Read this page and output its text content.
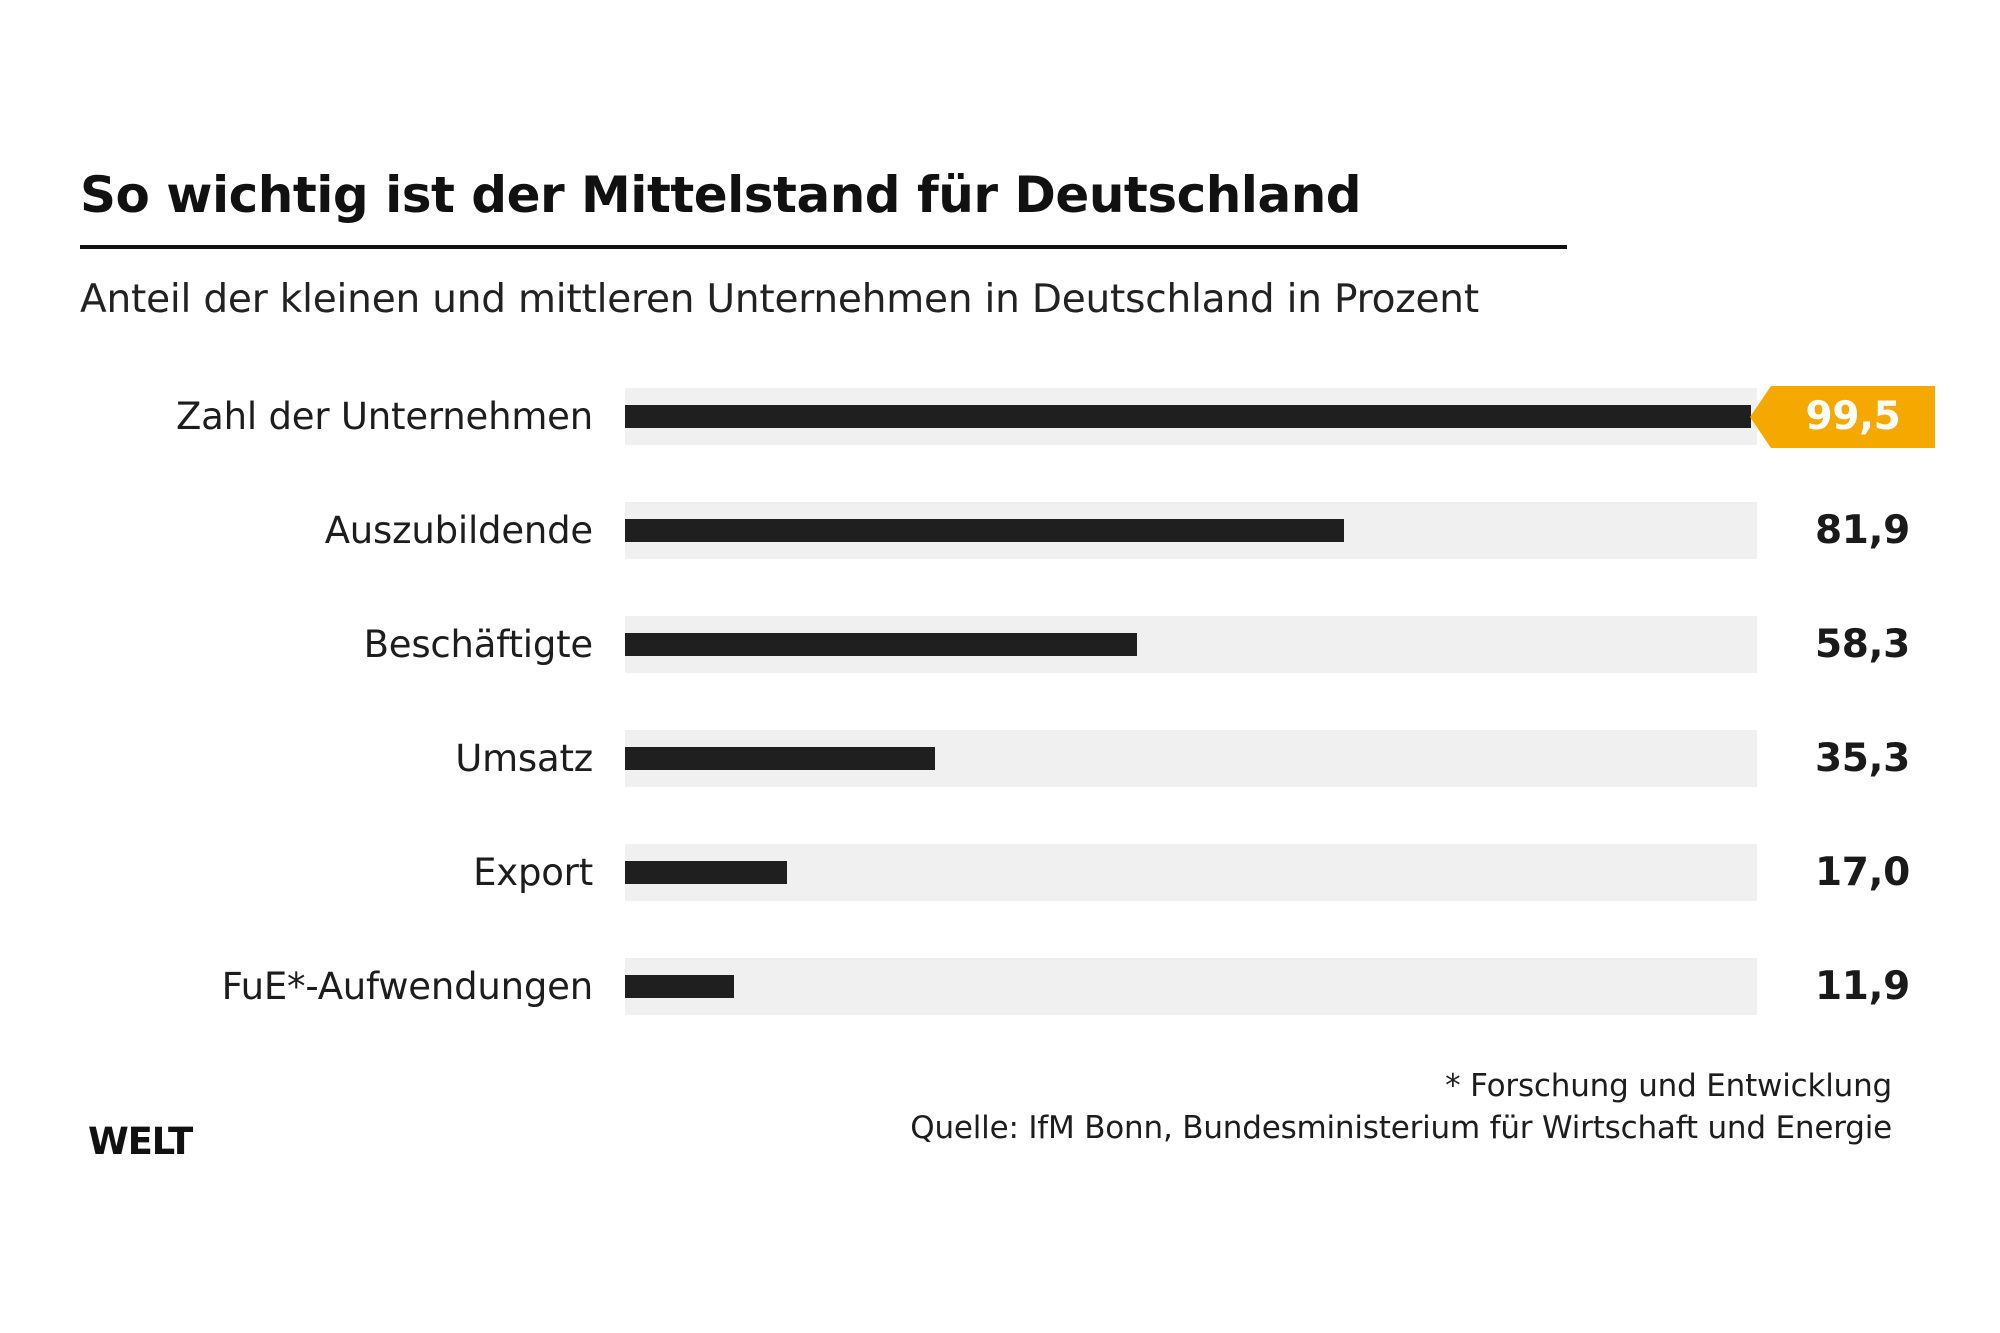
So wichtig ist der Mittelstand für Deutschland
Anteil der kleinen und mittleren Unternehmen in Deutschland in Prozent
Zahl der Unternehmen	99,5
Auszubildende	81,9
Beschäftigte	58,3
Umsatz	35,3
Export	17,0
FuE*-Aufwendungen	11,9
* Forschung und Entwicklung
Quelle: IfM Bonn, Bundesministerium für Wirtschaft und Energie
WELT
